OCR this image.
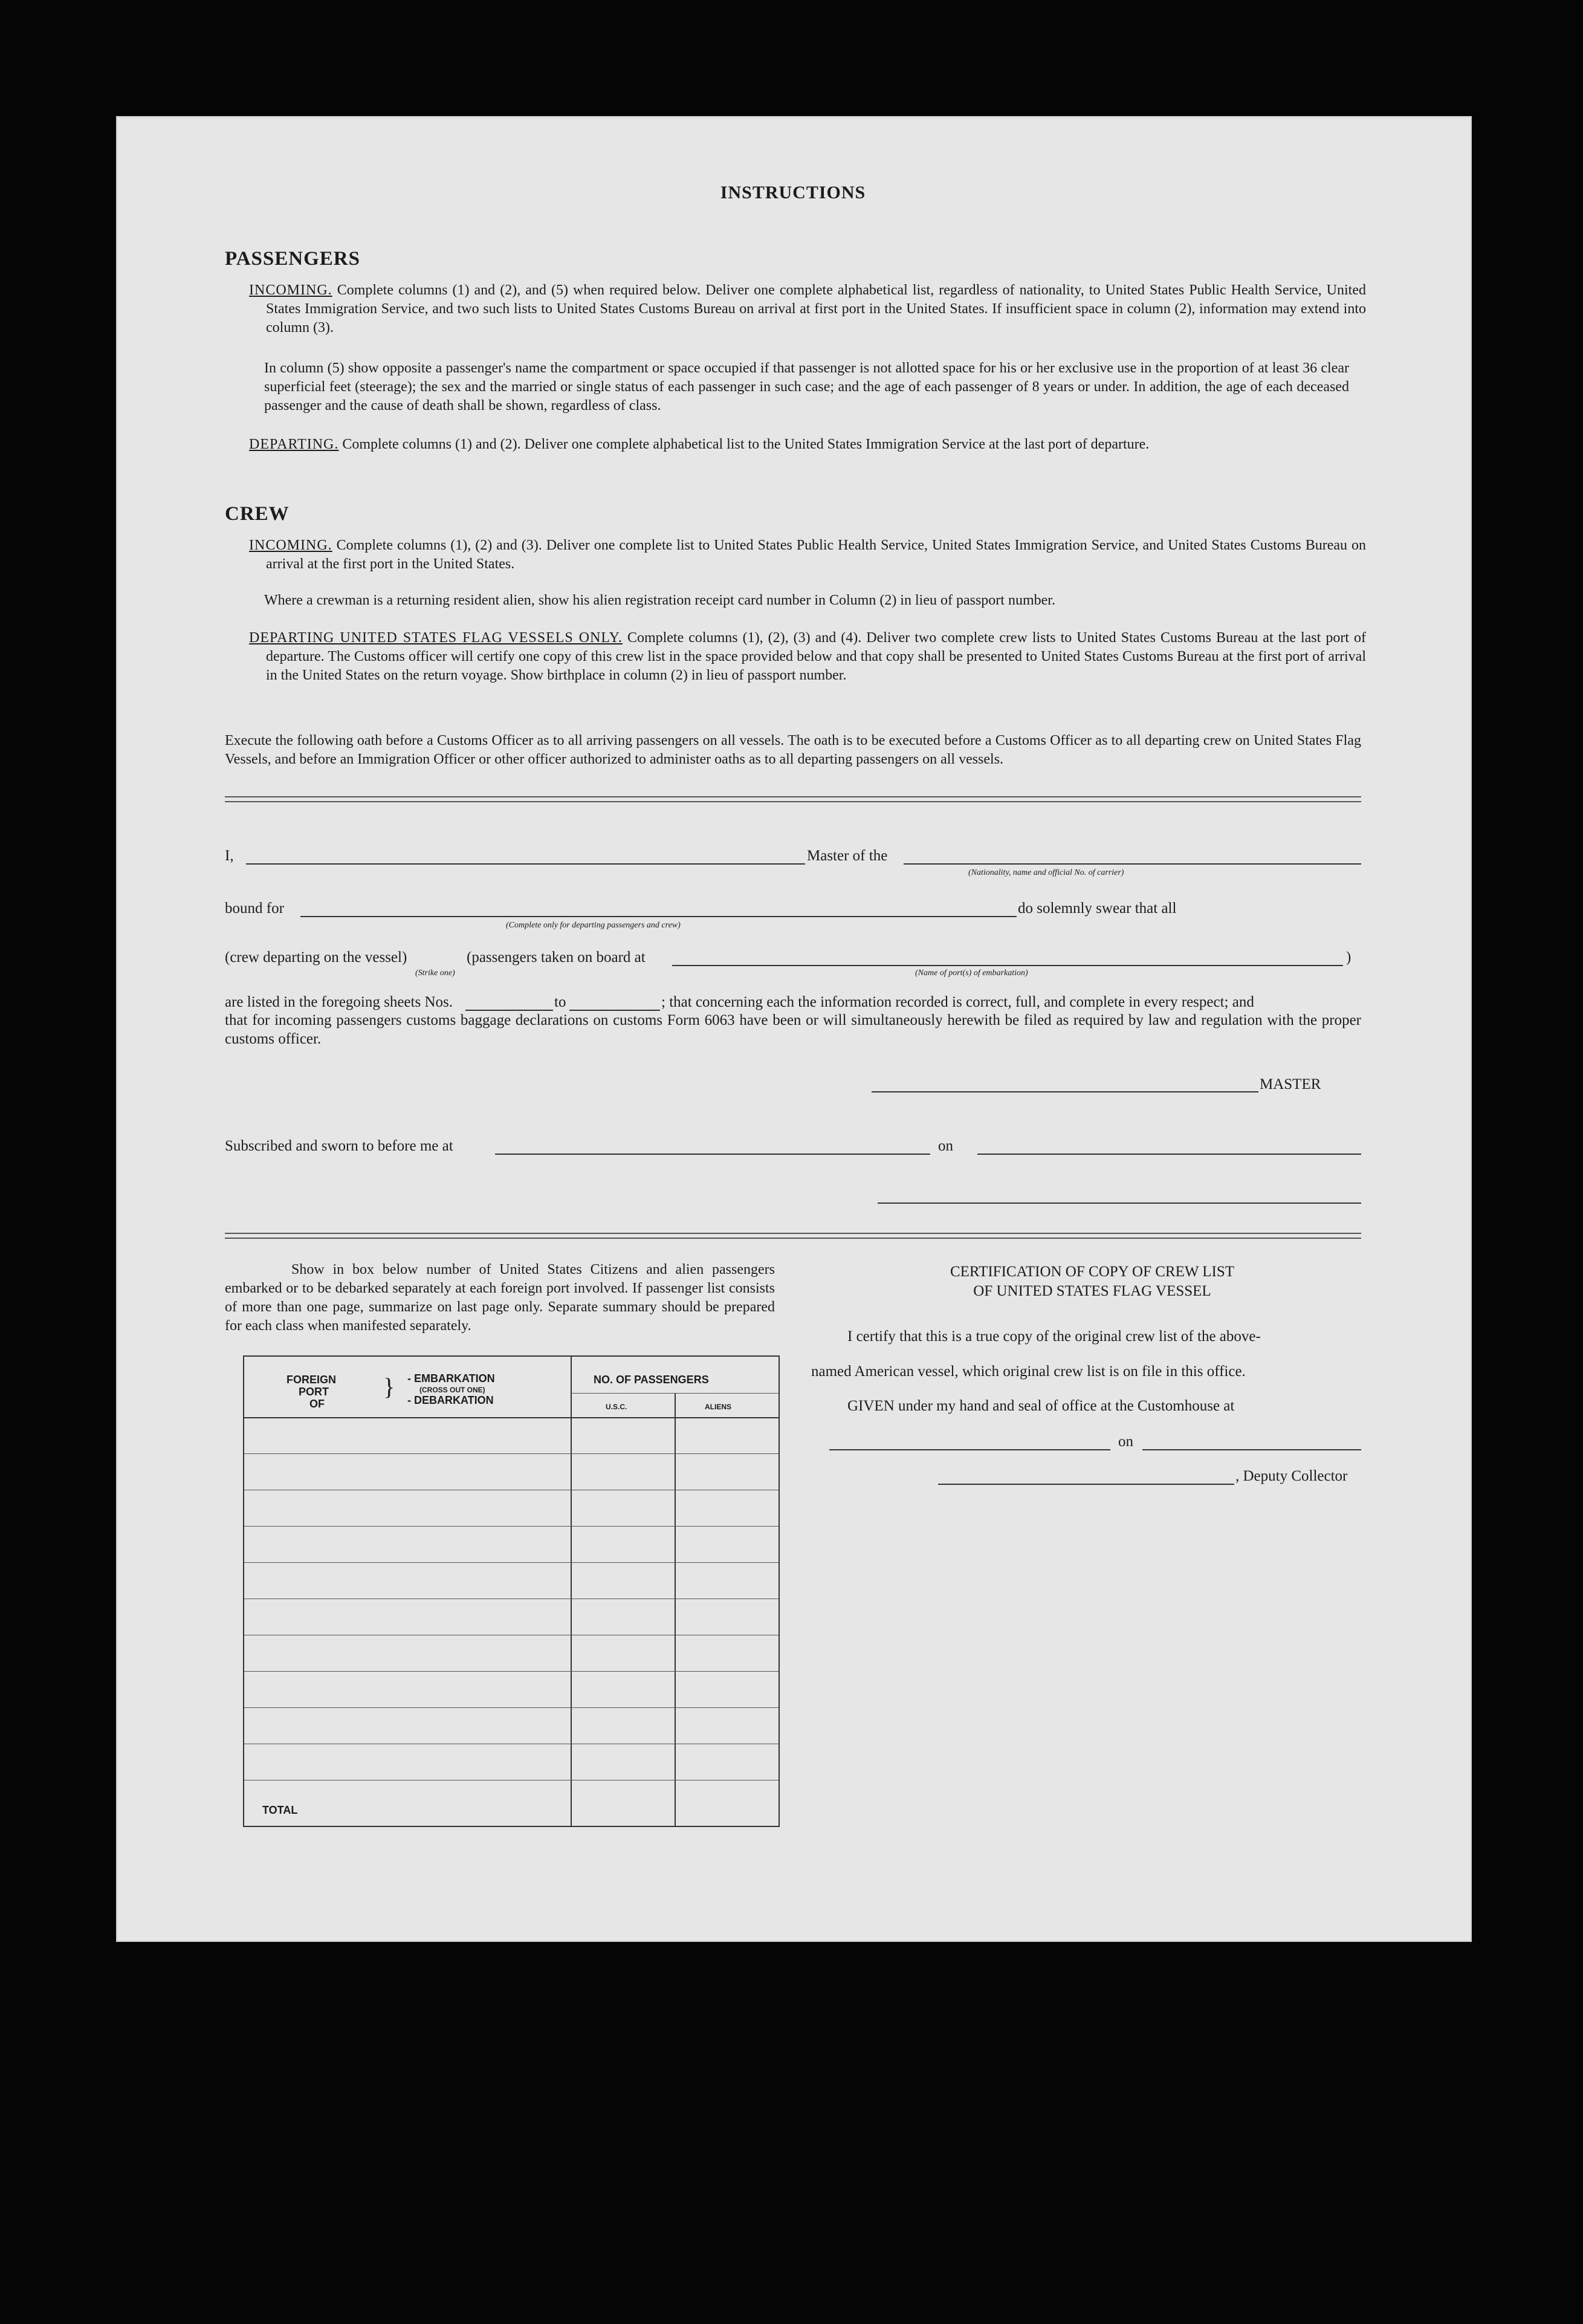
INSTRUCTIONS
PASSENGERS
INCOMING. Complete columns (1) and (2), and (5) when required below. Deliver one complete alphabetical list, regardless of nationality, to United States Public Health Service, United States Immigration Service, and two such lists to United States Customs Bureau on arrival at first port in the United States. If insufficient space in column (2), information may extend into column (3).
In column (5) show opposite a passenger's name the compartment or space occupied if that passenger is not allotted space for his or her exclusive use in the proportion of at least 36 clear superficial feet (steerage); the sex and the married or single status of each passenger in such case; and the age of each passenger of 8 years or under. In addition, the age of each deceased passenger and the cause of death shall be shown, regardless of class.
DEPARTING. Complete columns (1) and (2). Deliver one complete alphabetical list to the United States Immigration Service at the last port of departure.
CREW
INCOMING. Complete columns (1), (2) and (3). Deliver one complete list to United States Public Health Service, United States Immigration Service, and United States Customs Bureau on arrival at the first port in the United States.
Where a crewman is a returning resident alien, show his alien registration receipt card number in Column (2) in lieu of passport number.
DEPARTING UNITED STATES FLAG VESSELS ONLY. Complete columns (1), (2), (3) and (4). Deliver two complete crew lists to United States Customs Bureau at the last port of departure. The Customs officer will certify one copy of this crew list in the space provided below and that copy shall be presented to United States Customs Bureau at the first port of arrival in the United States on the return voyage. Show birthplace in column (2) in lieu of passport number.
Execute the following oath before a Customs Officer as to all arriving passengers on all vessels. The oath is to be executed before a Customs Officer as to all departing crew on United States Flag Vessels, and before an Immigration Officer or other officer authorized to administer oaths as to all departing passengers on all vessels.
I,	Master of the
(Nationality, name and official No. of carrier)
bound for	do solemnly swear that all
(Complete only for departing passengers and crew)
(crew departing on the vessel)	(passengers taken on board at	)
(Strike one)	(Name of port(s) of embarkation)
are listed in the foregoing sheets Nos.	to	; that concerning each the information recorded is correct, full, and complete in every respect; and
that for incoming passengers customs baggage declarations on customs Form 6063 have been or will simultaneously herewith be filed as required by law and regulation with the proper customs officer.
MASTER
Subscribed and sworn to before me at	on
Show in box below number of United States Citizens and alien passengers embarked or to be debarked separately at each foreign port involved. If passenger list consists of more than one page, summarize on last page only. Separate summary should be prepared for each class when manifested separately.
FOREIGN
PORT
OF
} - EMBARKATION
(CROSS OUT ONE)
- DEBARKATION
NO. OF PASSENGERS
U.S.C.	ALIENS
TOTAL
CERTIFICATION OF COPY OF CREW LIST
OF UNITED STATES FLAG VESSEL
I certify that this is a true copy of the original crew list of the above-
named American vessel, which original crew list is on file in this office.
GIVEN under my hand and seal of office at the Customhouse at
on
, Deputy Collector
